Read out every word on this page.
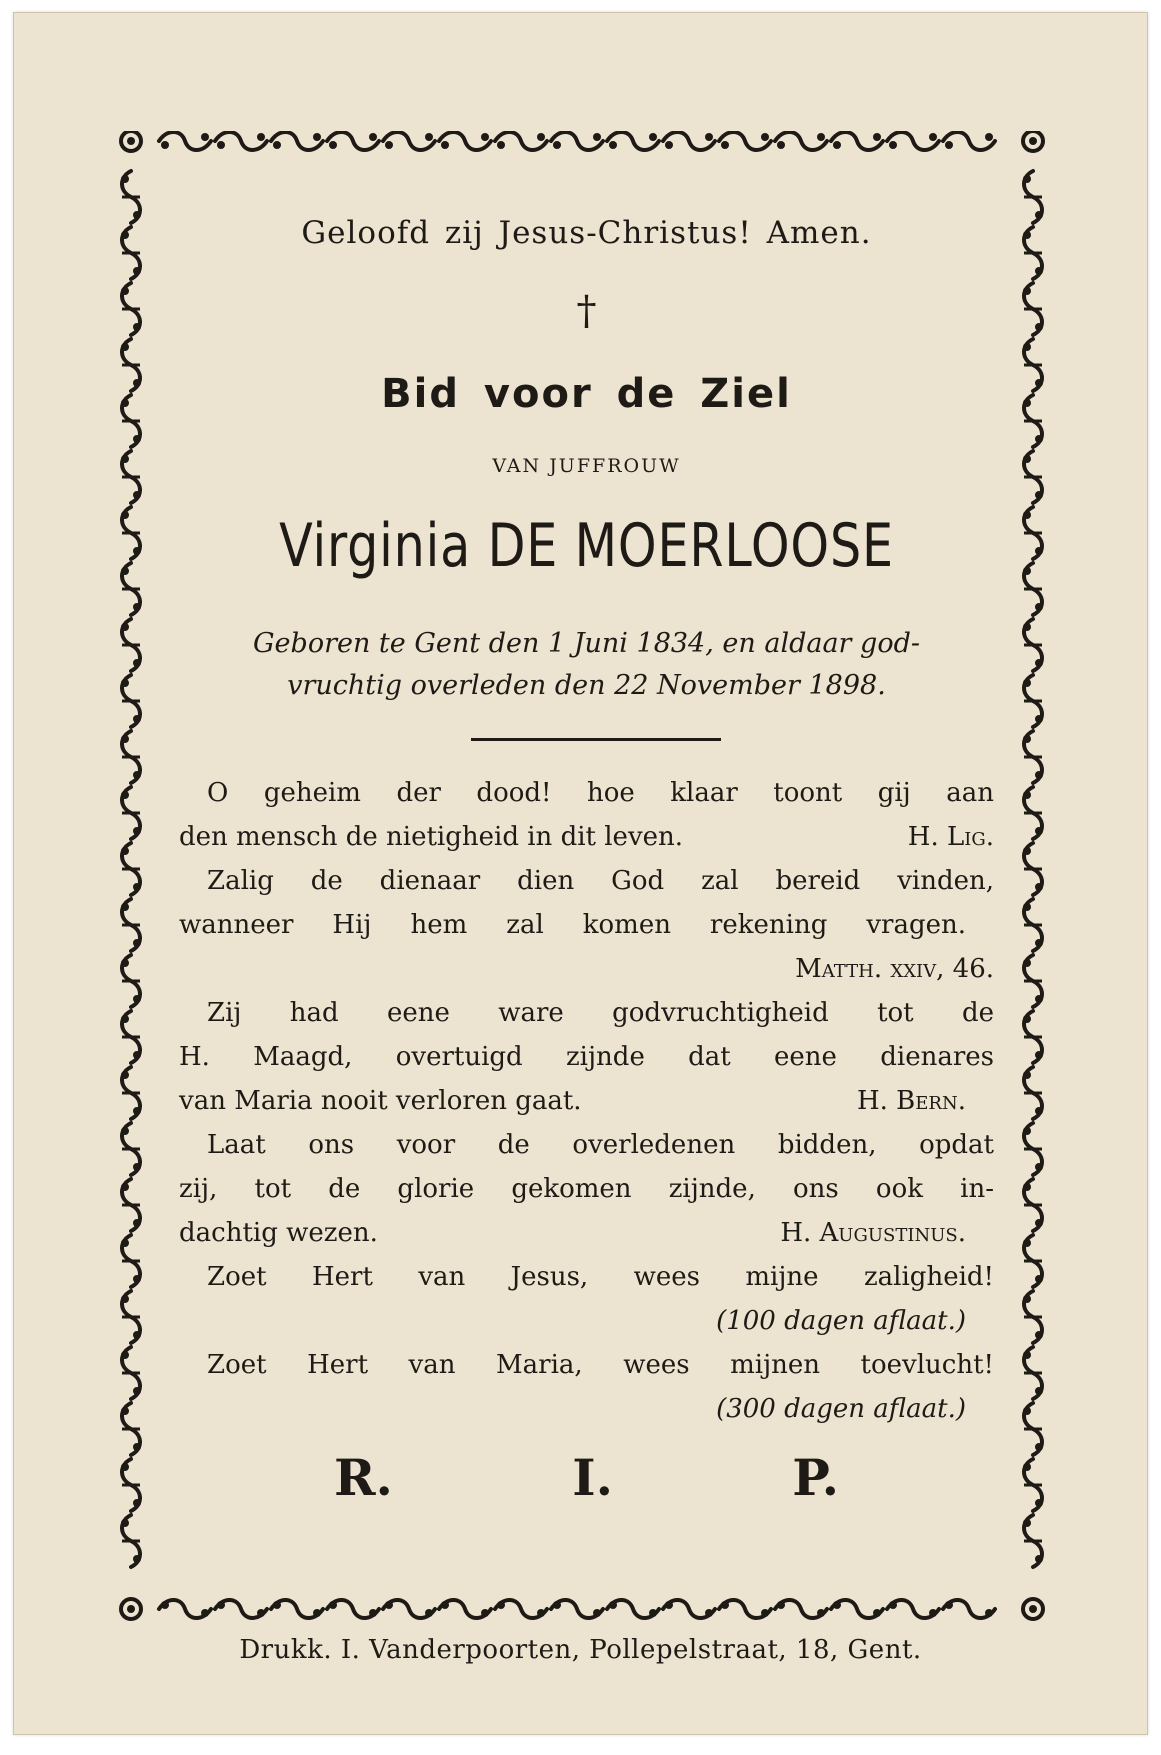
Geloofd zij Jesus-Christus! Amen.
†
Bid voor de Ziel
VAN JUFFROUW
Virginia DE MOERLOOSE
Geboren te Gent den 1 Juni 1834, en aldaar god-
vruchtig overleden den 22 November 1898.
O geheim der dood! hoe klaar toont gij aan
den mensch de nietigheid in dit leven.	H. Lig.
Zalig de dienaar dien God zal bereid vinden,
wanneer Hij hem zal komen rekening vragen.
Matth. xxiv, 46.
Zij had eene ware godvruchtigheid tot de
H. Maagd, overtuigd zijnde dat eene dienares
van Maria nooit verloren gaat.	H. Bern.
Laat ons voor de overledenen bidden, opdat
zij, tot de glorie gekomen zijnde, ons ook in-
dachtig wezen.	H. Augustinus.
Zoet Hert van Jesus, wees mijne zaligheid!
(100 dagen aflaat.)
Zoet Hert van Maria, wees mijnen toevlucht!
(300 dagen aflaat.)
R.	I.	P.
Drukk. I. Vanderpoorten, Pollepelstraat, 18, Gent.
